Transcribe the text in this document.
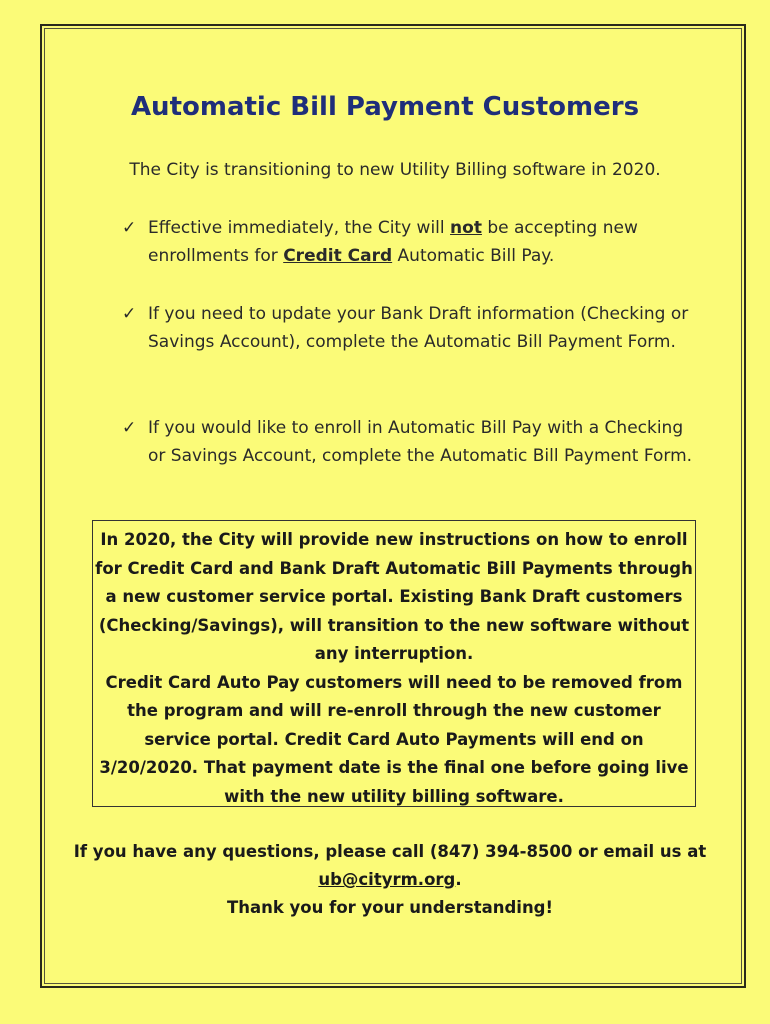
Automatic Bill Payment Customers
The City is transitioning to new Utility Billing software in 2020.
✓ Effective immediately, the City will not be accepting new enrollments for Credit Card Automatic Bill Pay.

✓ If you need to update your Bank Draft information (Checking or Savings Account), complete the Automatic Bill Payment Form.

✓ If you would like to enroll in Automatic Bill Pay with a Checking or Savings Account, complete the Automatic Bill Payment Form.

In 2020, the City will provide new instructions on how to enroll for Credit Card and Bank Draft Automatic Bill Payments through a new customer service portal. Existing Bank Draft customers (Checking/Savings), will transition to the new software without any interruption.

Credit Card Auto Pay customers will need to be removed from the program and will re-enroll through the new customer service portal. Credit Card Auto Payments will end on 3/20/2020. That payment date is the final one before going live with the new utility billing software.

If you have any questions, please call (847) 394-8500 or email us at ub@cityrm.org.

Thank you for your understanding!
